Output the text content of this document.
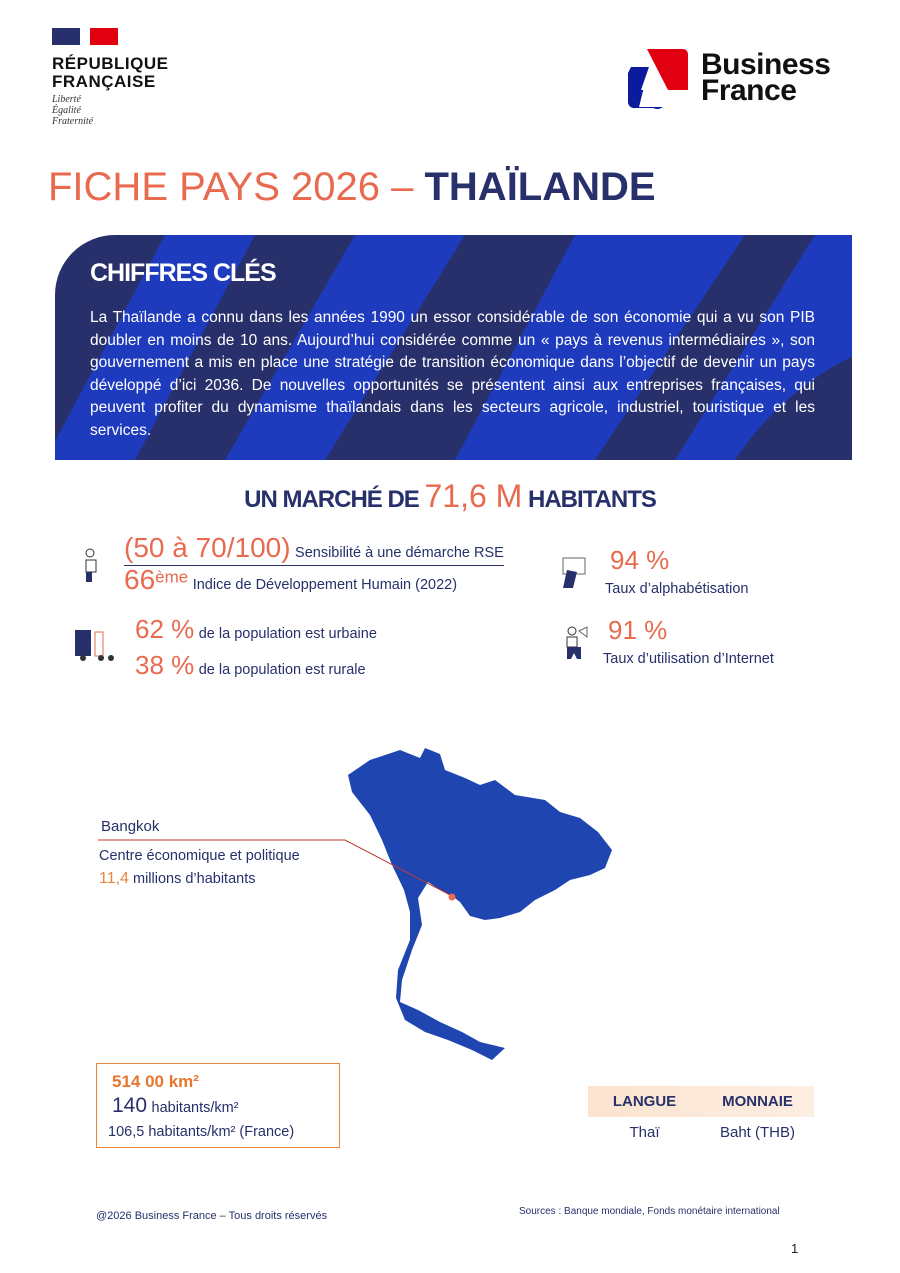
RÉPUBLIQUE
FRANÇAISE
Liberté
Égalité
Fraternité
Business
France
FICHE PAYS 2026 – THAÏLANDE
CHIFFRES CLÉS

La Thaïlande a connu dans les années 1990 un essor considérable de son économie qui a vu son PIB doubler en moins de 10 ans. Aujourd’hui considérée comme un « pays à revenus intermédiaires », son gouvernement a mis en place une stratégie de transition économique dans l’objectif de devenir un pays développé d’ici 2036. De nouvelles opportunités se présentent ainsi aux entreprises françaises, qui peuvent profiter du dynamisme thaïlandais dans les secteurs agricole, industriel, touristique et les services.

UN MARCHÉ DE 71,6 M HABITANTS
(50 à 70/100) Sensibilité à une démarche RSE
66ème Indice de Développement Humain (2022)
62 % de la population est urbaine
38 % de la population est rurale
94 %
Taux d’alphabétisation
91 %
Taux d’utilisation d’Internet
Bangkok
Centre économique et politique
11,4 millions d’habitants
514 00 km²
140 habitants/km²
106,5 habitants/km² (France)
LANGUE	MONNAIE
Thaï	Baht (THB)
@2026 Business France – Tous droits réservés	Sources : Banque mondiale, Fonds monétaire international
1
